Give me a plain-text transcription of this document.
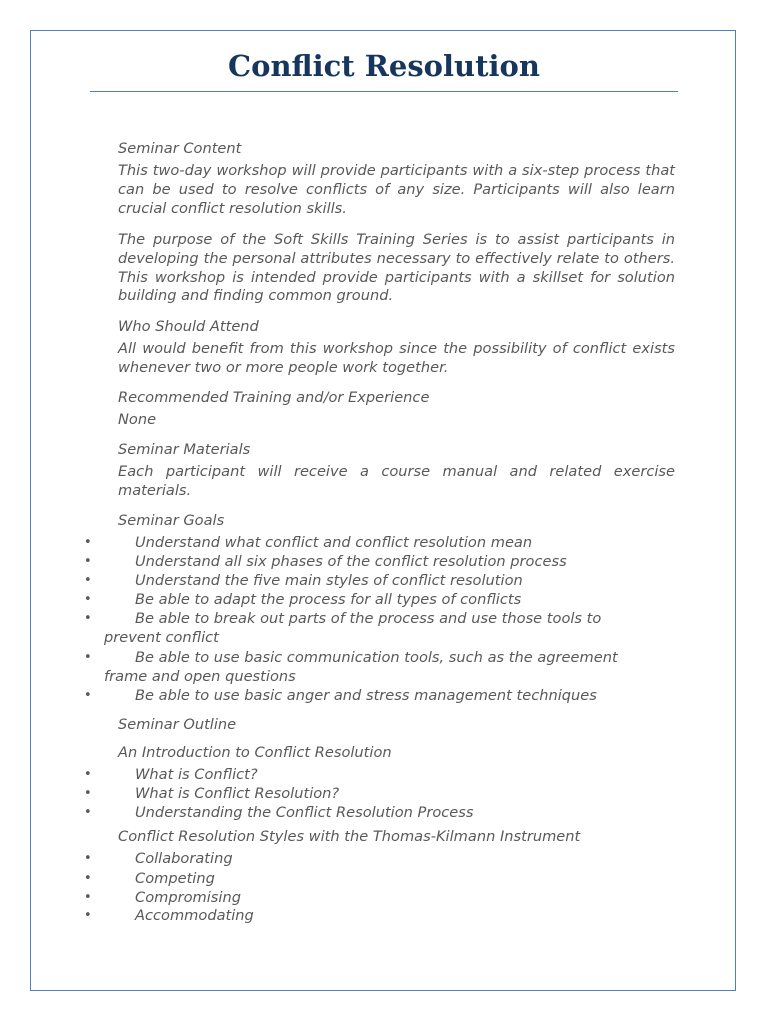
Conflict Resolution
Seminar Content
This two-day workshop will provide participants with a six-step process that can be used to resolve conflicts of any size. Participants will also learn crucial conflict resolution skills.
The purpose of the Soft Skills Training Series is to assist participants in developing the personal attributes necessary to effectively relate to others. This workshop is intended provide participants with a skillset for solution building and finding common ground.
Who Should Attend
All would benefit from this workshop since the possibility of conflict exists whenever two or more people work together.
Recommended Training and/or Experience
None
Seminar Materials
Each participant will receive a course manual and related exercise materials.
Seminar Goals
•	Understand what conflict and conflict resolution mean
•	Understand all six phases of the conflict resolution process
•	Understand the five main styles of conflict resolution
•	Be able to adapt the process for all types of conflicts
•	Be able to break out parts of the process and use those tools to prevent conflict
•	Be able to use basic communication tools, such as the agreement frame and open questions
•	Be able to use basic anger and stress management techniques
Seminar Outline
An Introduction to Conflict Resolution
•	What is Conflict?
•	What is Conflict Resolution?
•	Understanding the Conflict Resolution Process
Conflict Resolution Styles with the Thomas-Kilmann Instrument
•	Collaborating
•	Competing
•	Compromising
•	Accommodating
